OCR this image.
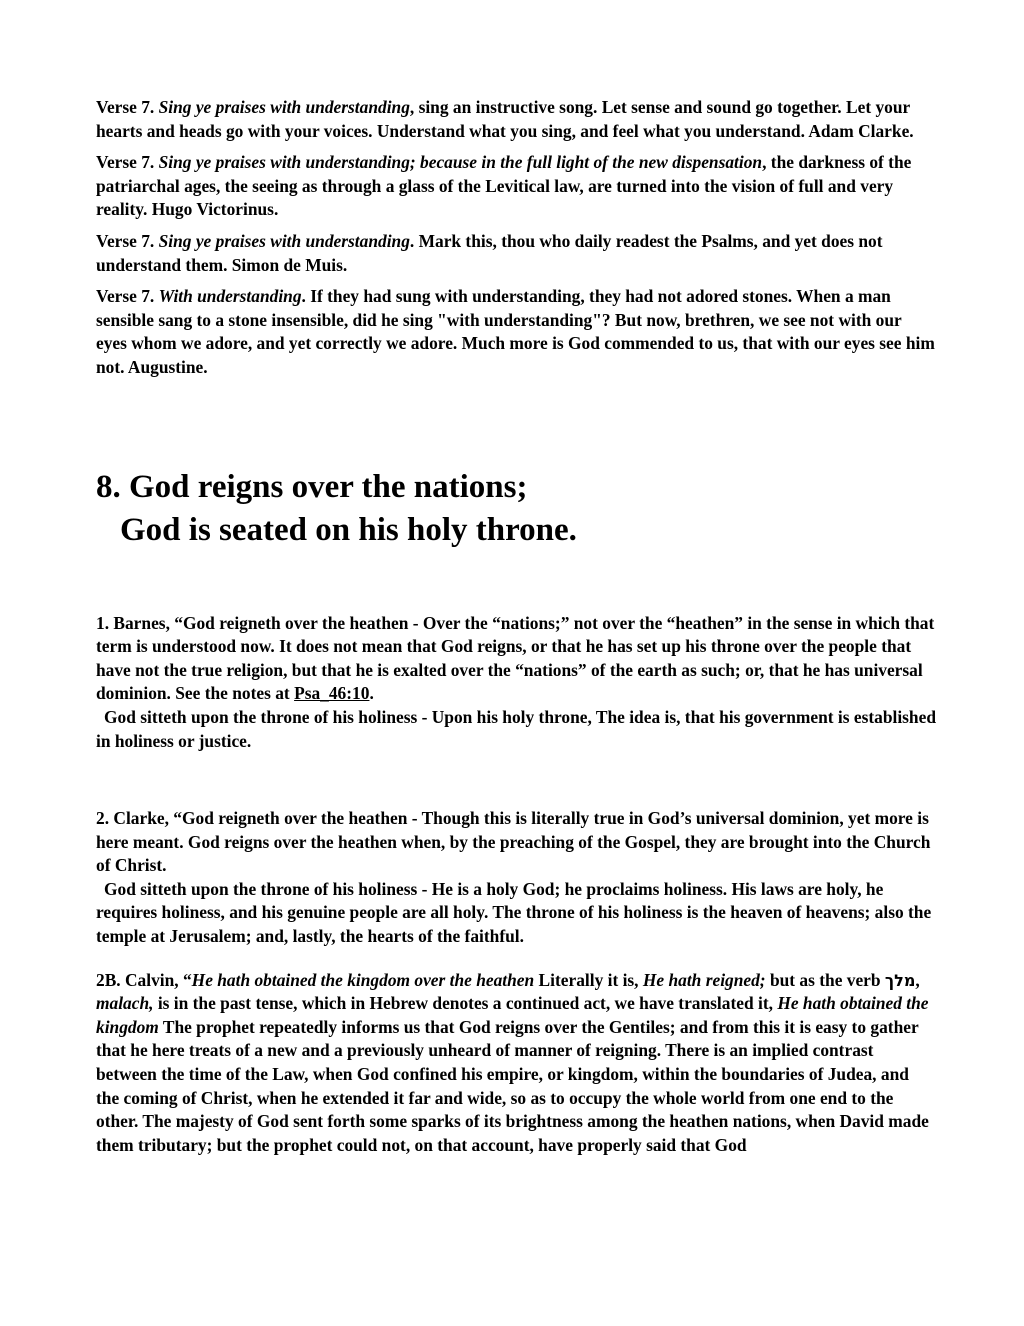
Verse 7. Sing ye praises with understanding, sing an instructive song. Let sense and sound go together. Let your hearts and heads go with your voices. Understand what you sing, and feel what you understand. Adam Clarke.

Verse 7. Sing ye praises with understanding; because in the full light of the new dispensation, the darkness of the patriarchal ages, the seeing as through a glass of the Levitical law, are turned into the vision of full and very reality. Hugo Victorinus.

Verse 7. Sing ye praises with understanding. Mark this, thou who daily readest the Psalms, and yet does not understand them. Simon de Muis.

Verse 7. With understanding. If they had sung with understanding, they had not adored stones. When a man sensible sang to a stone insensible, did he sing "with understanding"? But now, brethren, we see not with our eyes whom we adore, and yet correctly we adore. Much more is God commended to us, that with our eyes see him not. Augustine.

8. God reigns over the nations;
God is seated on his holy throne.
1. Barnes, “God reigneth over the heathen - Over the “nations;” not over the “heathen” in the sense in which that term is understood now. It does not mean that God reigns, or that he has set up his throne over the people that have not the true religion, but that he is exalted over the “nations” of the earth as such; or, that he has universal dominion. See the notes at Psa_46:10.
God sitteth upon the throne of his holiness - Upon his holy throne, The idea is, that his government is established in holiness or justice.
2. Clarke, “God reigneth over the heathen - Though this is literally true in God’s universal dominion, yet more is here meant. God reigns over the heathen when, by the preaching of the Gospel, they are brought into the Church of Christ.
God sitteth upon the throne of his holiness - He is a holy God; he proclaims holiness. His laws are holy, he requires holiness, and his genuine people are all holy. The throne of his holiness is the heaven of heavens; also the temple at Jerusalem; and, lastly, the hearts of the faithful.
2B. Calvin, “He hath obtained the kingdom over the heathen Literally it is, He hath reigned; but as the verb מלך, malach, is in the past tense, which in Hebrew denotes a continued act, we have translated it, He hath obtained the kingdom The prophet repeatedly informs us that God reigns over the Gentiles; and from this it is easy to gather that he here treats of a new and a previously unheard of manner of reigning. There is an implied contrast between the time of the Law, when God confined his empire, or kingdom, within the boundaries of Judea, and the coming of Christ, when he extended it far and wide, so as to occupy the whole world from one end to the other. The majesty of God sent forth some sparks of its brightness among the heathen nations, when David made them tributary; but the prophet could not, on that account, have properly said that God
